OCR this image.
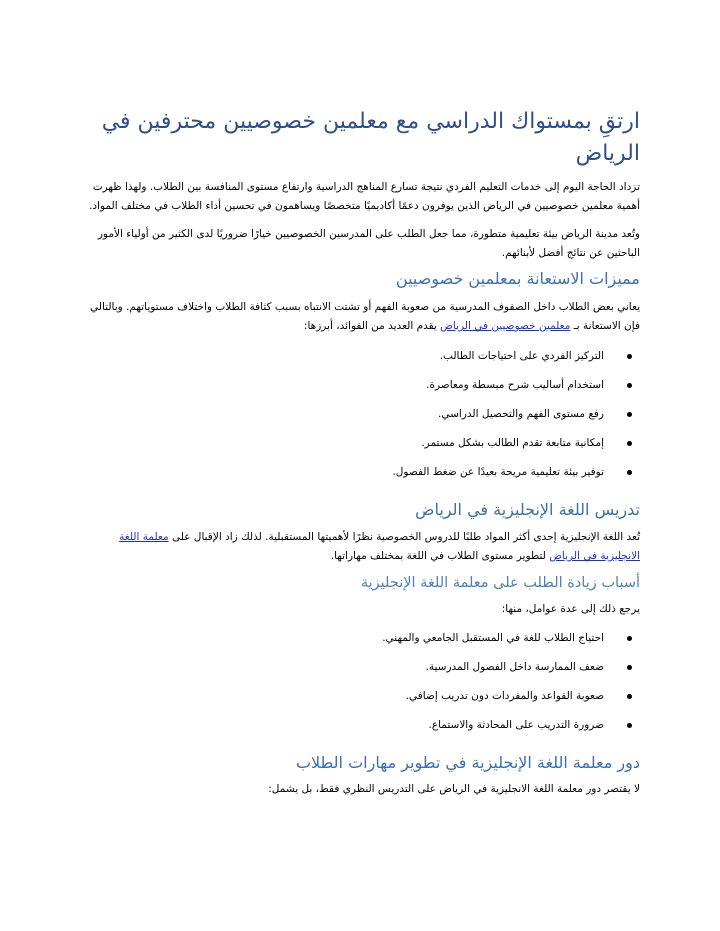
ارتقِ بمستواك الدراسي مع معلمين خصوصيين محترفين في الرياض

تزداد الحاجة اليوم إلى خدمات التعليم الفردي نتيجة تسارع المناهج الدراسية وارتفاع مستوى المنافسة بين الطلاب. ولهذا ظهرت أهمية معلمين خصوصيين في الرياض الذين يوفرون دعمًا أكاديميًا متخصصًا ويساهمون في تحسين أداء الطلاب في مختلف المواد.

وتُعد مدينة الرياض بيئة تعليمية متطورة، مما جعل الطلب على المدرسين الخصوصيين خيارًا ضروريًا لدى الكثير من أولياء الأمور الباحثين عن نتائج أفضل لأبنائهم.

مميزات الاستعانة بمعلمين خصوصيين

يعاني بعض الطلاب داخل الصفوف المدرسية من صعوبة الفهم أو تشتت الانتباه بسبب كثافة الطلاب واختلاف مستوياتهم. وبالتالي فإن الاستعانة بـ معلمين خصوصيين في الرياض يقدم العديد من الفوائد، أبرزها:

التركيز الفردي على احتياجات الطالب.
استخدام أساليب شرح مبسطة ومعاصرة.
رفع مستوى الفهم والتحصيل الدراسي.
إمكانية متابعة تقدم الطالب بشكل مستمر.
توفير بيئة تعليمية مريحة بعيدًا عن ضغط الفصول.
تدريس اللغة الإنجليزية في الرياض

تُعد اللغة الإنجليزية إحدى أكثر المواد طلبًا للدروس الخصوصية نظرًا لأهميتها المستقبلية. لذلك زاد الإقبال على معلمة اللغة الانجليزية في الرياض لتطوير مستوى الطلاب في اللغة بمختلف مهاراتها.

أسباب زيادة الطلب على معلمة اللغة الإنجليزية

يرجع ذلك إلى عدة عوامل، منها:

احتياج الطلاب للغة في المستقبل الجامعي والمهني.
ضعف الممارسة داخل الفصول المدرسية.
صعوبة القواعد والمفردات دون تدريب إضافي.
ضرورة التدريب على المحادثة والاستماع.
دور معلمة اللغة الإنجليزية في تطوير مهارات الطلاب

لا يقتصر دور معلمة اللغة الانجليزية في الرياض على التدريس النظري فقط، بل يشمل:
